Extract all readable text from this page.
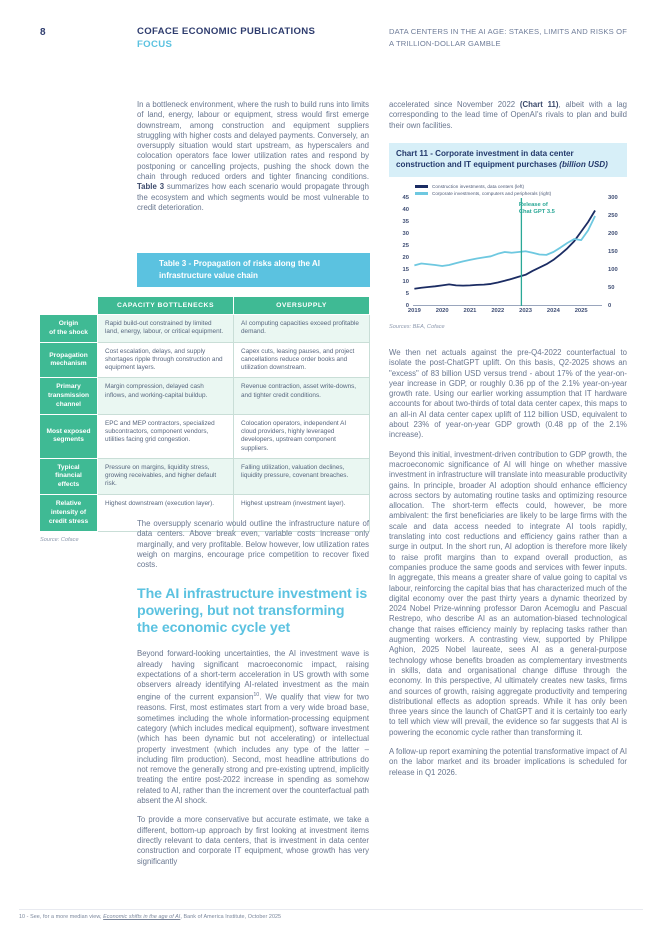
8	COFACE ECONOMIC PUBLICATIONS
FOCUS
DATA CENTERS IN THE AI AGE: STAKES, LIMITS AND RISKS OF A TRILLION-DOLLAR GAMBLE

In a bottleneck environment, where the rush to build runs into limits of land, energy, labour or equipment, stress would first emerge downstream, among construction and equipment suppliers struggling with higher costs and delayed payments. Conversely, an oversupply situation would start upstream, as hyperscalers and colocation operators face lower utilization rates and respond by postponing or cancelling projects, pushing the shock down the chain through reduced orders and tighter financing conditions. Table 3 summarizes how each scenario would propagate through the ecosystem and which segments would be most vulnerable to credit deterioration.

Table 3 - Propagation of risks along the AI infrastructure value chain
	CAPACITY BOTTLENECKS	OVERSUPPLY
Origin
of the shock	Rapid build-out constrained by limited land, energy, labour, or critical equipment.	AI computing capacities exceed profitable demand.
Propagation
mechanism	Cost escalation, delays, and supply shortages ripple through construction and equipment layers.	Capex cuts, leasing pauses, and project cancellations reduce order books and utilization downstream.
Primary
transmission
channel	Margin compression, delayed cash inflows, and working-capital buildup.	Revenue contraction, asset write-downs, and tighter credit conditions.
Most exposed
segments	EPC and MEP contractors, specialized subcontractors, component vendors, utilities facing grid congestion.	Colocation operators, independent AI cloud providers, highly leveraged developers, upstream component suppliers.
Typical
financial
effects	Pressure on margins, liquidity stress, growing receivables, and higher default risk.	Falling utilization, valuation declines, liquidity pressure, covenant breaches.
Relative
intensity of
credit stress	Highest downstream (execution layer).	Highest upstream (investment layer).
Source: Coface

The oversupply scenario would outline the infrastructure nature of data centers. Above break even, variable costs increase only marginally, and very profitable. Below however, low utilization rates weigh on margins, encourage price competition to recover fixed costs.

The AI infrastructure investment is powering, but not transforming the economic cycle yet

Beyond forward-looking uncertainties, the AI investment wave is already having significant macroeconomic impact, raising expectations of a short-term acceleration in US growth with some observers already identifying AI-related investment as the main engine of the current expansion$^{10}$. We qualify that view for two reasons. First, most estimates start from a very wide broad base, sometimes including the whole information-processing equipment category (which includes medical equipment), software investment (which has been dynamic but not accelerating) or intellectual property investment (which includes any type of the latter – including film production). Second, most headline attributions do not remove the generally strong and pre-existing uptrend, implicitly treating the entire post-2022 increase in spending as somehow related to AI, rather than the increment over the counterfactual path absent the AI shock.

To provide a more conservative but accurate estimate, we take a different, bottom-up approach by first looking at investment items directly relevant to data centers, that is investment in data center construction and corporate IT equipment, whose growth has very significantly

accelerated since November 2022 (Chart 11), albeit with a lag corresponding to the lead time of OpenAI's rivals to plan and build their own facilities.

Chart 11 - Corporate investment in data center construction and IT equipment purchases (billion USD)
Construction investments, data centers (left)
Corporate investments, computers and peripherals (right)
0
5
10
15
20
25
30
35
40
45
0
50
100
150
200
250
300
Release of
Chat GPT 3.5
2019	2020	2021	2022	2023	2024	2025
Sources: BEA, Coface

We then net actuals against the pre-Q4-2022 counterfactual to isolate the post-ChatGPT uplift. On this basis, Q2-2025 shows an "excess" of 83 billion USD versus trend - about 17% of the year-on-year increase in GDP, or roughly 0.36 pp of the 2.1% year-on-year growth rate. Using our earlier working assumption that IT hardware accounts for about two-thirds of total data center capex, this maps to an all-in AI data center capex uplift of 112 billion USD, equivalent to about 23% of year-on-year GDP growth (0.48 pp of the 2.1% increase).

Beyond this initial, investment-driven contribution to GDP growth, the macroeconomic significance of AI will hinge on whether massive investment in infrastructure will translate into measurable productivity gains. In principle, broader AI adoption should enhance efficiency across sectors by automating routine tasks and optimizing resource allocation. The short-term effects could, however, be more ambivalent: the first beneficiaries are likely to be large firms with the scale and data access needed to integrate AI tools rapidly, translating into cost reductions and efficiency gains rather than a surge in output. In the short run, AI adoption is therefore more likely to raise profit margins than to expand overall production, as companies produce the same goods and services with fewer inputs. In aggregate, this means a greater share of value going to capital vs labour, reinforcing the capital bias that has characterized much of the digital economy over the past thirty years a dynamic theorized by 2024 Nobel Prize-winning professor Daron Acemoglu and Pascual Restrepo, who describe AI as an automation-biased technological change that raises efficiency mainly by replacing tasks rather than augmenting workers. A contrasting view, supported by Philippe Aghion, 2025 Nobel laureate, sees AI as a general-purpose technology whose benefits broaden as complementary investments in skills, data and organisational change diffuse through the economy. In this perspective, AI ultimately creates new tasks, firms and sources of growth, raising aggregate productivity and tempering distributional effects as adoption spreads. While it has only been three years since the launch of ChatGPT and it is certainly too early to tell which view will prevail, the evidence so far suggests that AI is powering the economic cycle rather than transforming it.

A follow-up report examining the potential transformative impact of AI on the labor market and its broader implications is scheduled for release in Q1 2026.

10 - See, for a more median view, Economic shifts in the age of AI, Bank of America Institute, October 2025
